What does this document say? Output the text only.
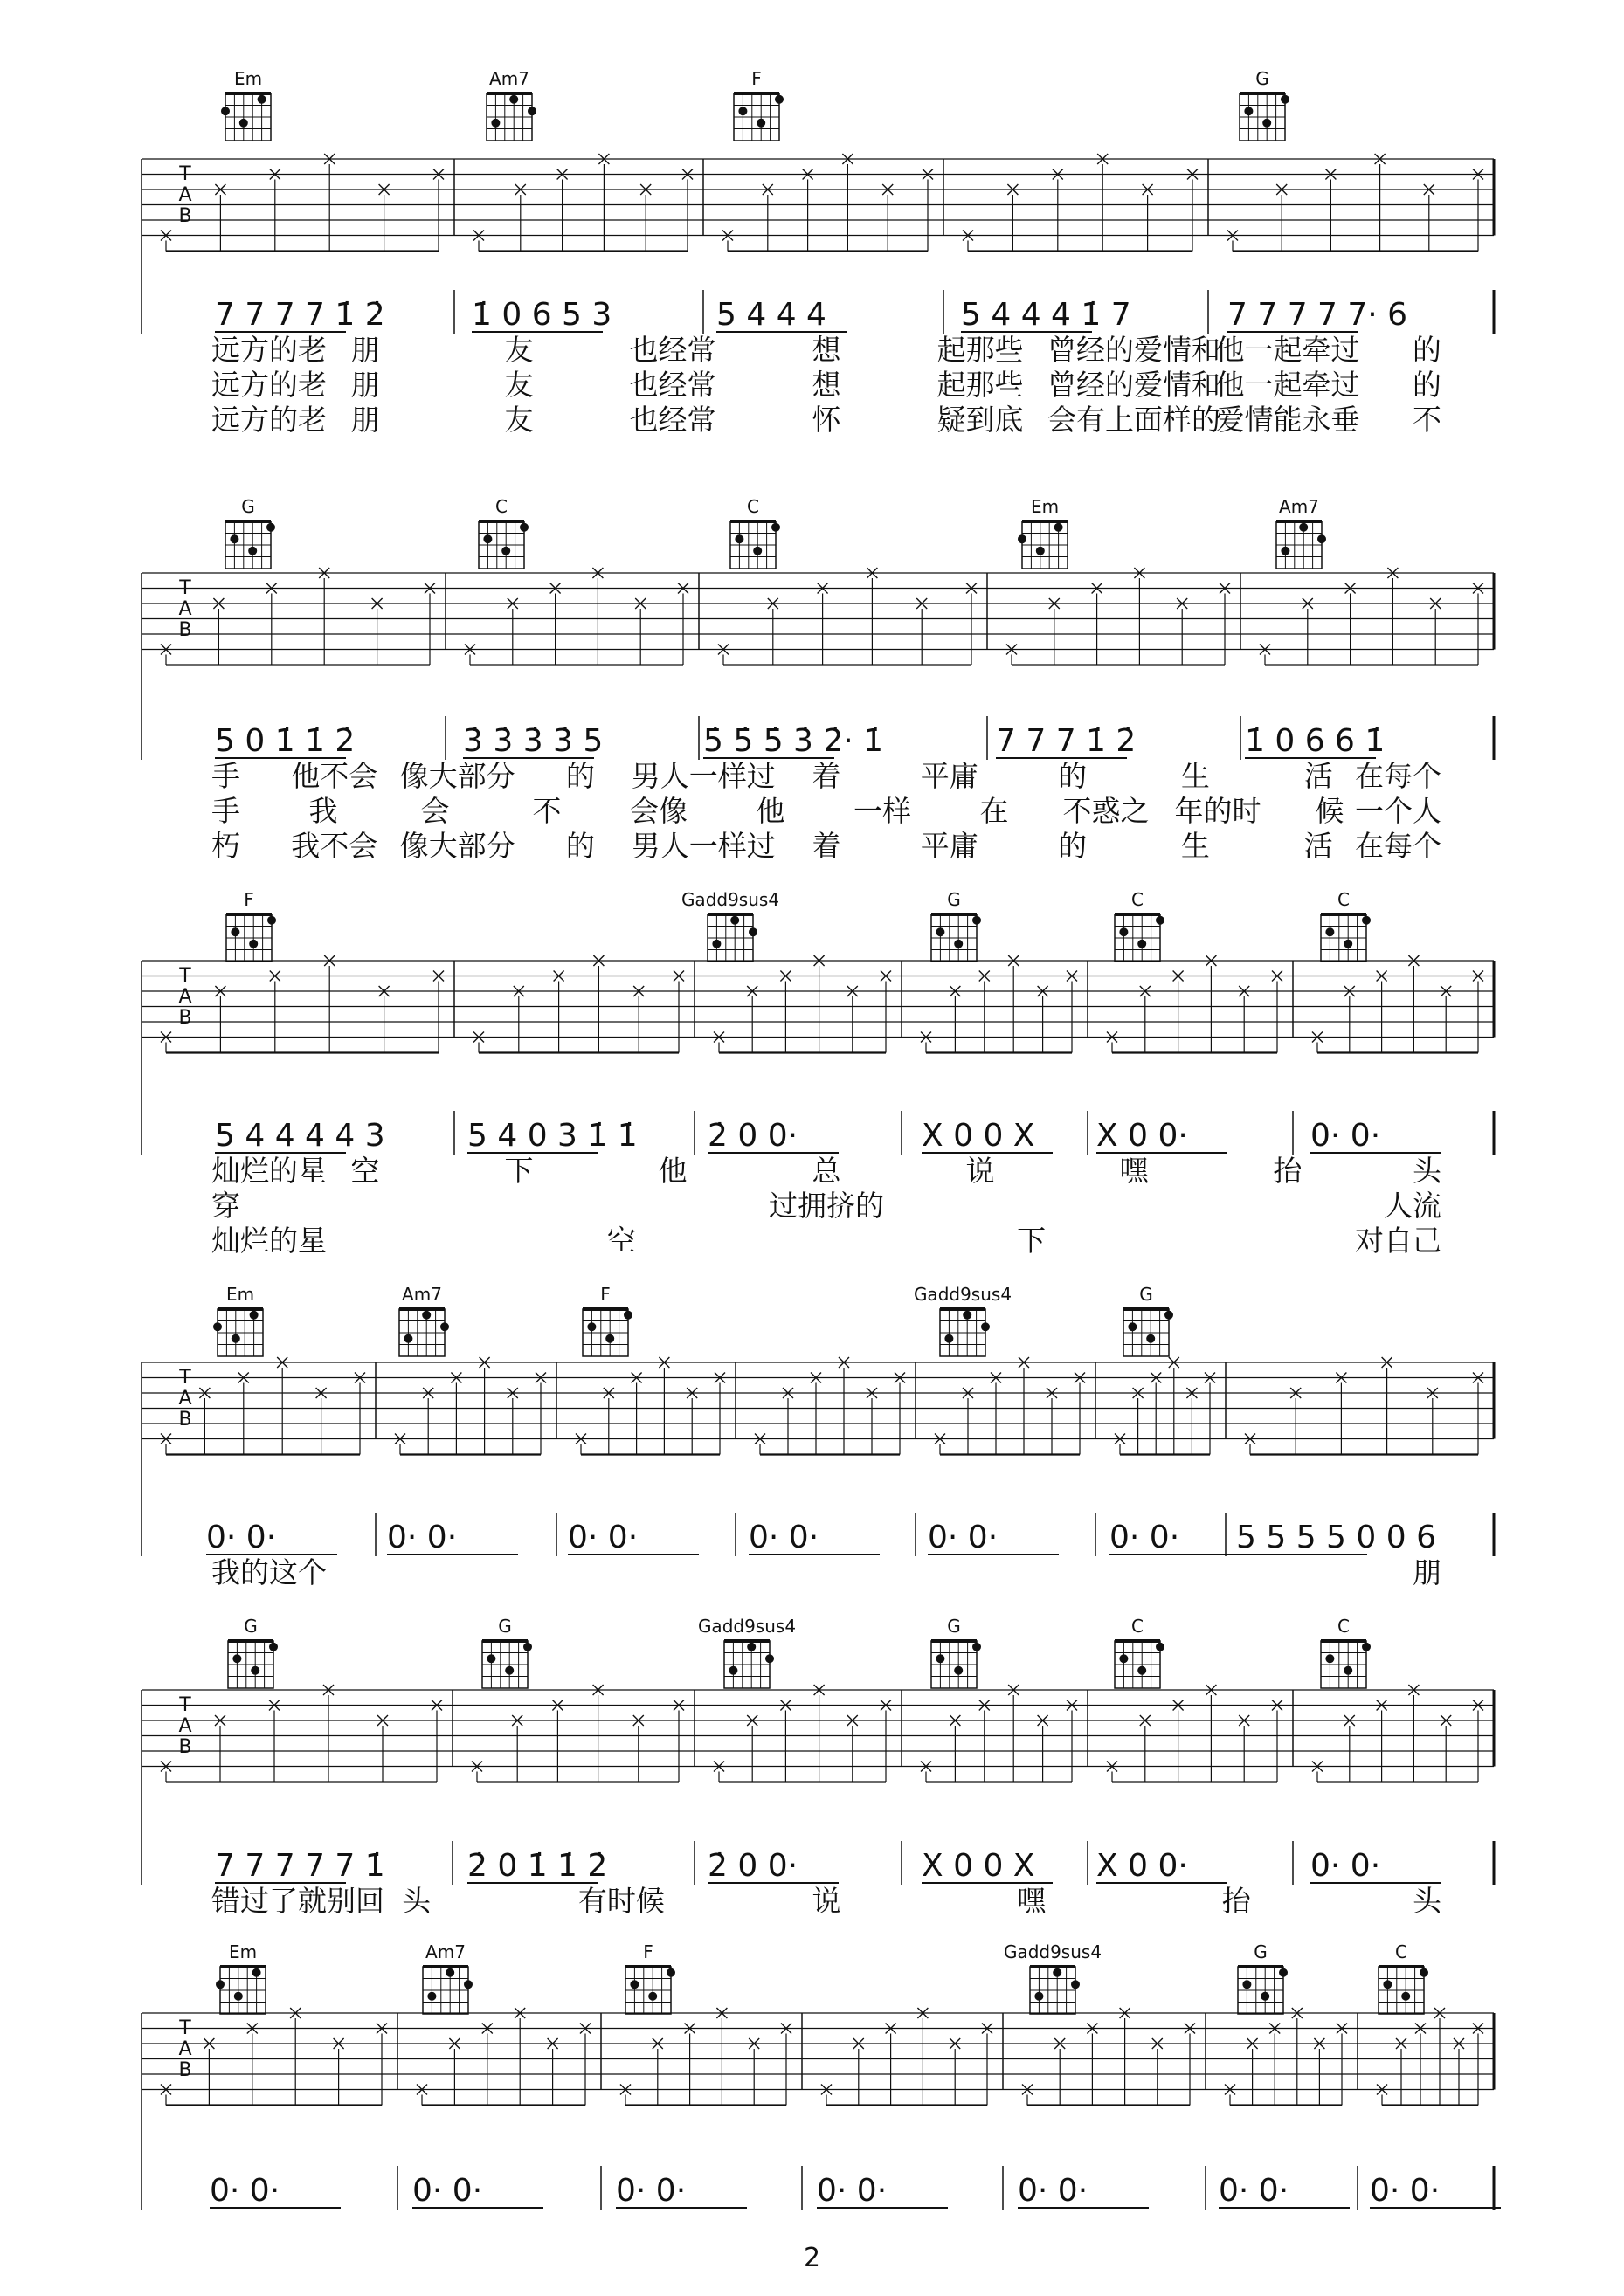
Em	Am7	F	G
T
A
B
7 7 7 7 1̇ 2̇	1̇ 0 6 5 3	5 4 4 4	5 4 4 4 1̇ 7	7 7 7 7 7· 6
远方的老 朋	友	也经常	想	起那些 曾经的爱情和
他一起牵过 的
远方的老 朋	友	也经常	想	起那些 曾经的爱情和
他一起牵过 的
远方的老 朋	友	也经常	怀	疑到底 会有上面样的
爱情能永垂 不
G	C	C	Em	Am7
T
A
B
5 0 1̇ 1̇ 2̇	3̇ 3̇ 3̇ 3̇ 5	5̇ 5̇ 5̇ 3̇ 2̇· 1̇	7 7 7 1̇ 2̇	1̇ 0 6 6 1̇
手 他不会 像大部分 的 男人一样过 着	平庸	的	生	活 在每个
手 我	会	不 会像 他 一样 在 不惑之 年的时 候 一个人
朽 我不会 像大部分 的 男人一样过 着	平庸	的	生	活 在每个
F	Gadd9sus4	G	C	C
T
A
B
5 4 4 4 4 3	5 4 0 3 1̇ 1̇ 2̇ 0 0·	X 0 0 X X 0 0·	0· 0·
灿烂的星 空	下	他	总	说	嘿	抬	头
穿	过拥挤的	人流
灿烂的星	空	下	对自己
Em	Am7	F	Gadd9sus4	G
T
A
B
0· 0·	0· 0·	0· 0·	0· 0·	0· 0·	0· 0· 5 5 5 5 0 0 6
我的这个	朋
G	G	Gadd9sus4	G	C	C
T
A
B
7 7 7 7 7 1̇	2̇ 0 1̇ 1̇ 2̇	2̇ 0 0·	X 0 0 X X 0 0·	0· 0·
错过了就别回 头	有时候	说	嘿	抬	头
Em	Am7	F	Gadd9sus4	G	C
T
A
B
0· 0·	0· 0·	0· 0·	0· 0·	0· 0·	0· 0·	0· 0·
2
